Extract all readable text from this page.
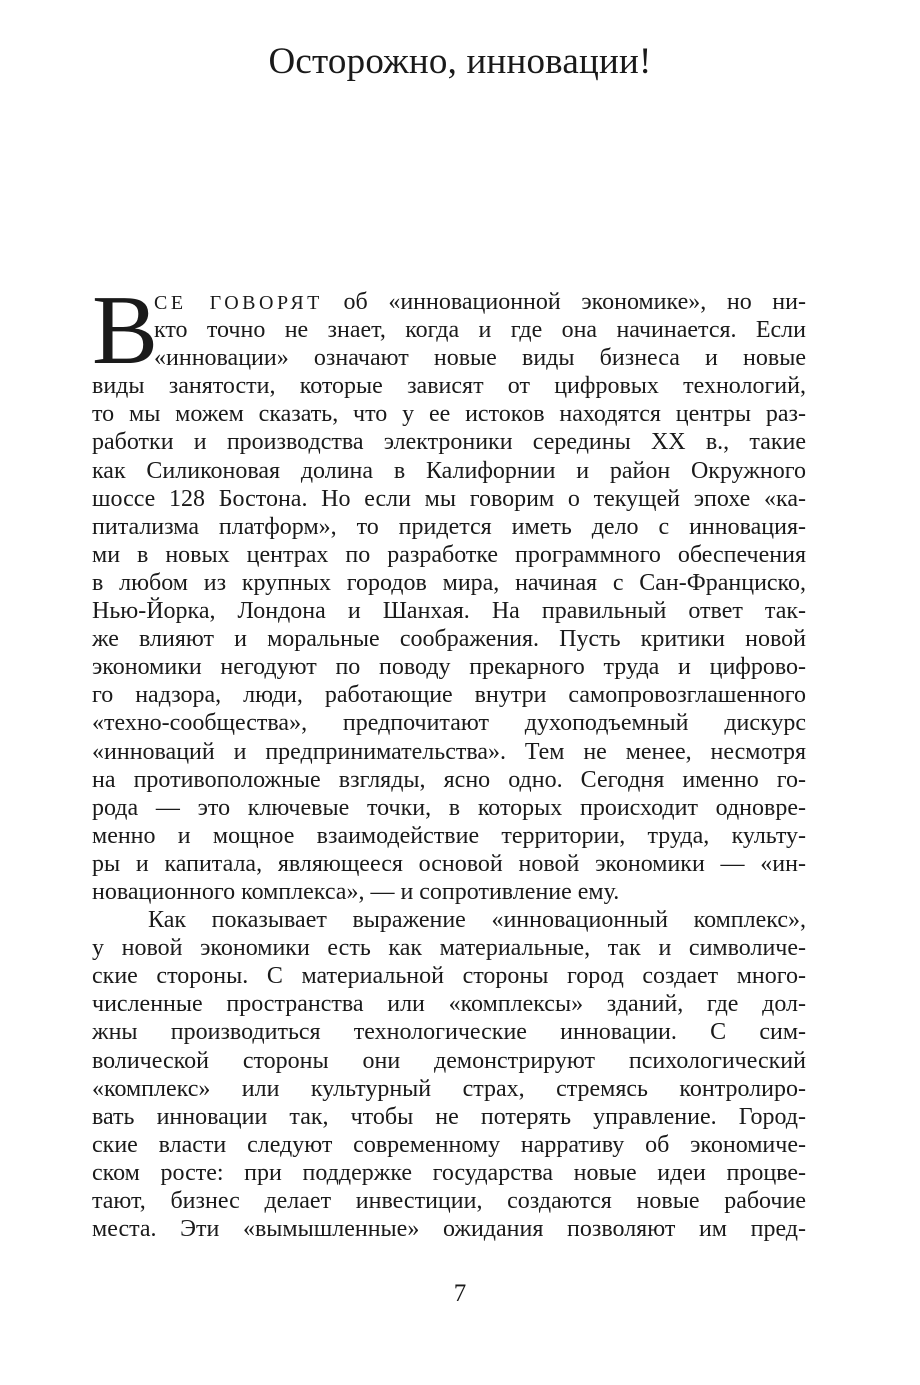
Осторожно, инновации!
В
СЕ ГОВОРЯТ об «инновационной экономике», но ни-
кто точно не знает, когда и где она начинается. Если
«инновации» означают новые виды бизнеса и новые
виды занятости, которые зависят от цифровых технологий,
то мы можем сказать, что у ее истоков находятся центры раз-
работки и производства электроники середины XX в., такие
как Силиконовая долина в Калифорнии и район Окружного
шоссе 128 Бостона. Но если мы говорим о текущей эпохе «ка-
питализма платформ», то придется иметь дело с инновация-
ми в новых центрах по разработке программного обеспечения
в любом из крупных городов мира, начиная с Сан-Франциско,
Нью-Йорка, Лондона и Шанхая. На правильный ответ так-
же влияют и моральные соображения. Пусть критики новой
экономики негодуют по поводу прекарного труда и цифрово-
го надзора, люди, работающие внутри самопровозглашенного
«техно-сообщества», предпочитают духоподъемный дискурс
«инноваций и предпринимательства». Тем не менее, несмотря
на противоположные взгляды, ясно одно. Сегодня именно го-
рода — это ключевые точки, в которых происходит одновре-
менно и мощное взаимодействие территории, труда, культу-
ры и капитала, являющееся основой новой экономики — «ин-
новационного комплекса», — и сопротивление ему.
Как показывает выражение «инновационный комплекс»,
у новой экономики есть как материальные, так и символиче-
ские стороны. С материальной стороны город создает много-
численные пространства или «комплексы» зданий, где дол-
жны производиться технологические инновации. С сим-
волической стороны они демонстрируют психологический
«комплекс» или культурный страх, стремясь контролиро-
вать инновации так, чтобы не потерять управление. Город-
ские власти следуют современному нарративу об экономиче-
ском росте: при поддержке государства новые идеи процве-
тают, бизнес делает инвестиции, создаются новые рабочие
места. Эти «вымышленные» ожидания позволяют им пред-
7
